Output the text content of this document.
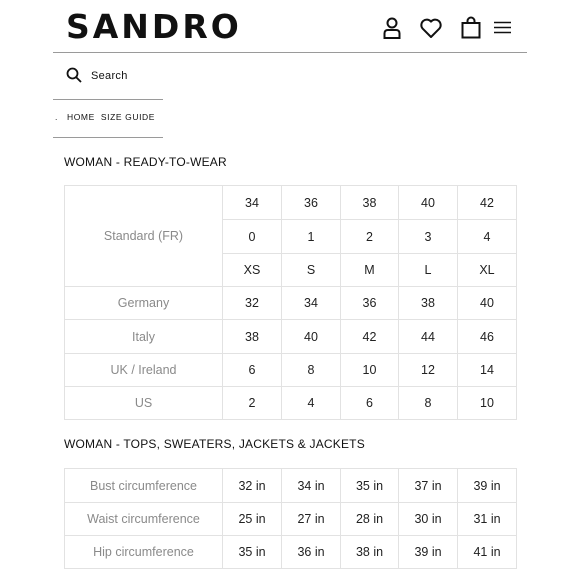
SANDRO
Search
. HOME SIZE GUIDE
WOMAN - READY-TO-WEAR
Standard (FR)	34	36	38	40	42
	0	1	2	3	4
	XS	S	M	L	XL
Germany	32	34	36	38	40
Italy	38	40	42	44	46
UK / Ireland	6	8	10	12	14
US	2	4	6	8	10
WOMAN - TOPS, SWEATERS, JACKETS & JACKETS
Bust circumference	32 in	34 in	35 in	37 in	39 in
Waist circumference	25 in	27 in	28 in	30 in	31 in
Hip circumference	35 in	36 in	38 in	39 in	41 in
